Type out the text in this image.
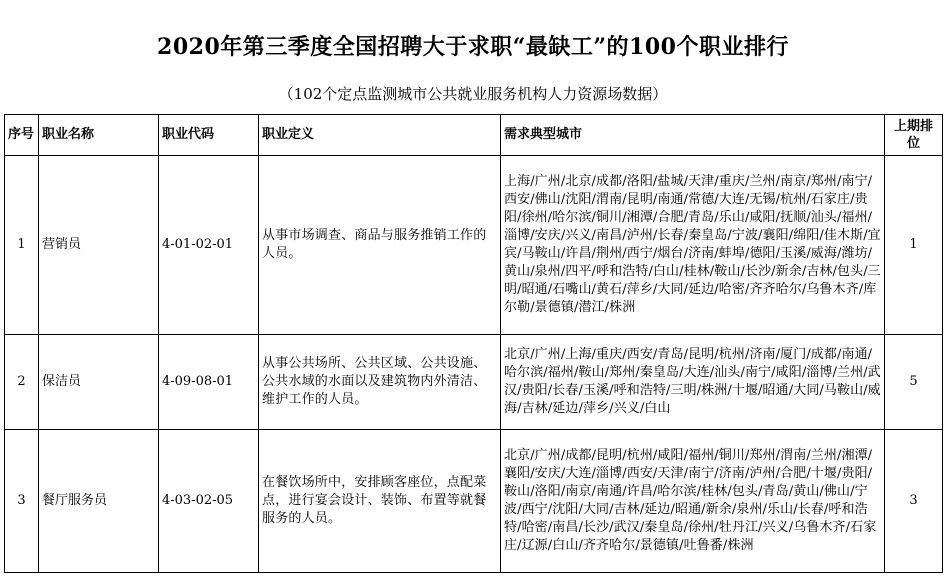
2020年第三季度全国招聘大于求职“最缺工”的100个职业排行
（102个定点监测城市公共就业服务机构人力资源场数据）
序号	职业名称	职业代码	职业定义	需求典型城市	上期排位
1	营销员	4-01-02-01	从事市场调查、商品与服务推销工作的人员。	上海/广州/北京/成都/洛阳/盐城/天津/重庆/兰州/南京/郑州/南宁/西安/佛山/沈阳/渭南/昆明/南通/常德/大连/无锡/杭州/石家庄/贵阳/徐州/哈尔滨/铜川/湘潭/合肥/青岛/乐山/咸阳/抚顺/汕头/福州/淄博/安庆/兴义/南昌/泸州/长春/秦皇岛/宁波/襄阳/绵阳/佳木斯/宜宾/马鞍山/许昌/荆州/西宁/烟台/济南/蚌埠/德阳/玉溪/威海/潍坊/黄山/泉州/四平/呼和浩特/白山/桂林/鞍山/长沙/新余/吉林/包头/三明/昭通/石嘴山/黄石/萍乡/大同/延边/哈密/齐齐哈尔/乌鲁木齐/库尔勒/景德镇/潜江/株洲	1
2	保洁员	4-09-08-01	从事公共场所、公共区域、公共设施、公共水域的水面以及建筑物内外清洁、维护工作的人员。	北京/广州/上海/重庆/西安/青岛/昆明/杭州/济南/厦门/成都/南通/哈尔滨/福州/鞍山/郑州/秦皇岛/大连/汕头/南宁/咸阳/淄博/兰州/武汉/贵阳/长春/玉溪/呼和浩特/三明/株洲/十堰/昭通/大同/马鞍山/威海/吉林/延边/萍乡/兴义/白山	5
3	餐厅服务员	4-03-02-05	在餐饮场所中，安排顾客座位，点配菜点，进行宴会设计、装饰、布置等就餐服务的人员。	北京/广州/成都/昆明/杭州/咸阳/福州/铜川/郑州/渭南/兰州/湘潭/襄阳/安庆/大连/淄博/西安/天津/南宁/济南/泸州/合肥/十堰/贵阳/鞍山/洛阳/南京/南通/许昌/哈尔滨/桂林/包头/青岛/黄山/佛山/宁波/西宁/沈阳/大同/吉林/延边/昭通/新余/泉州/乐山/长春/呼和浩特/哈密/南昌/长沙/武汉/秦皇岛/徐州/牡丹江/兴义/乌鲁木齐/石家庄/辽源/白山/齐齐哈尔/景德镇/吐鲁番/株洲	3
